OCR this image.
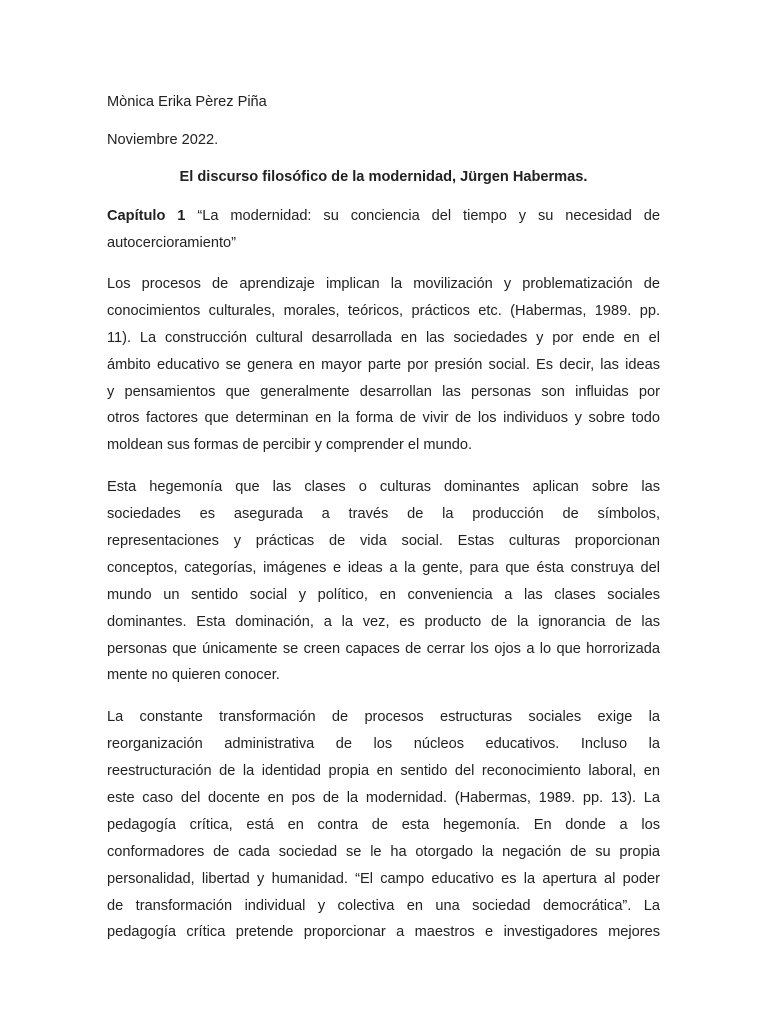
Mònica Erika Pèrez Piña

Noviembre 2022.

El discurso filosófico de la modernidad, Jürgen Habermas.

Capítulo 1 “La modernidad: su conciencia del tiempo y su necesidad de
autocercioramiento”
Los procesos de aprendizaje implican la movilización y problematización de
conocimientos culturales, morales, teóricos, prácticos etc. (Habermas, 1989. pp.
11). La construcción cultural desarrollada en las sociedades y por ende en el
ámbito educativo se genera en mayor parte por presión social. Es decir, las ideas
y pensamientos que generalmente desarrollan las personas son influidas por
otros factores que determinan en la forma de vivir de los individuos y sobre todo
moldean sus formas de percibir y comprender el mundo.
Esta hegemonía que las clases o culturas dominantes aplican sobre las
sociedades es asegurada a través de la producción de símbolos,
representaciones y prácticas de vida social. Estas culturas proporcionan
conceptos, categorías, imágenes e ideas a la gente, para que ésta construya del
mundo un sentido social y político, en conveniencia a las clases sociales
dominantes. Esta dominación, a la vez, es producto de la ignorancia de las
personas que únicamente se creen capaces de cerrar los ojos a lo que horrorizada
mente no quieren conocer.
La constante transformación de procesos estructuras sociales exige la
reorganización administrativa de los núcleos educativos. Incluso la
reestructuración de la identidad propia en sentido del reconocimiento laboral, en
este caso del docente en pos de la modernidad. (Habermas, 1989. pp. 13). La
pedagogía crítica, está en contra de esta hegemonía. En donde a los
conformadores de cada sociedad se le ha otorgado la negación de su propia
personalidad, libertad y humanidad. “El campo educativo es la apertura al poder
de transformación individual y colectiva en una sociedad democrática”. La
pedagogía crítica pretende proporcionar a maestros e investigadores mejores
